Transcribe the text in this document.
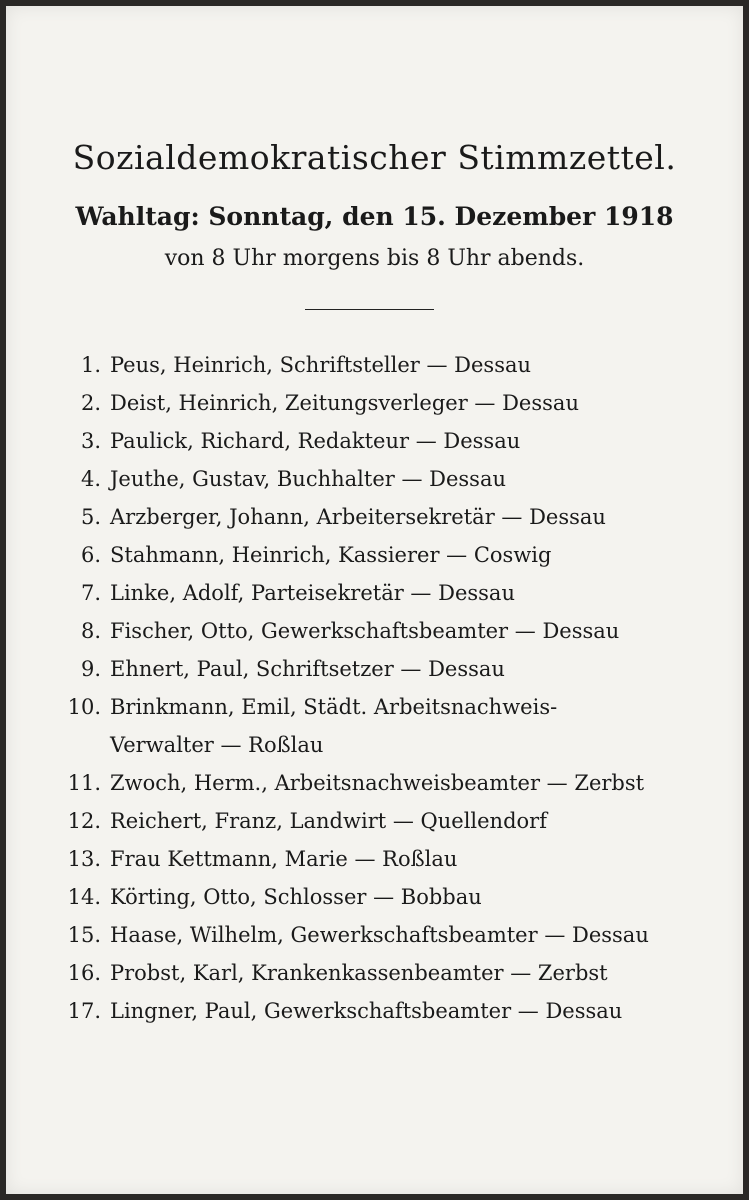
Sozialdemokratischer Stimmzettel.
Wahltag: Sonntag, den 15. Dezember 1918
von 8 Uhr morgens bis 8 Uhr abends.
1. Peus, Heinrich, Schriftsteller — Dessau
2. Deist, Heinrich, Zeitungsverleger — Dessau
3. Paulick, Richard, Redakteur — Dessau
4. Jeuthe, Gustav, Buchhalter — Dessau
5. Arzberger, Johann, Arbeitersekretär — Dessau
6. Stahmann, Heinrich, Kassierer — Coswig
7. Linke, Adolf, Parteisekretär — Dessau
8. Fischer, Otto, Gewerkschaftsbeamter — Dessau
9. Ehnert, Paul, Schriftsetzer — Dessau
10. Brinkmann, Emil, Städt. Arbeitsnachweis-
Verwalter — Roßlau
11. Zwoch, Herm., Arbeitsnachweisbeamter — Zerbst
12. Reichert, Franz, Landwirt — Quellendorf
13. Frau Kettmann, Marie — Roßlau
14. Körting, Otto, Schlosser — Bobbau
15. Haase, Wilhelm, Gewerkschaftsbeamter — Dessau
16. Probst, Karl, Krankenkassenbeamter — Zerbst
17. Lingner, Paul, Gewerkschaftsbeamter — Dessau
